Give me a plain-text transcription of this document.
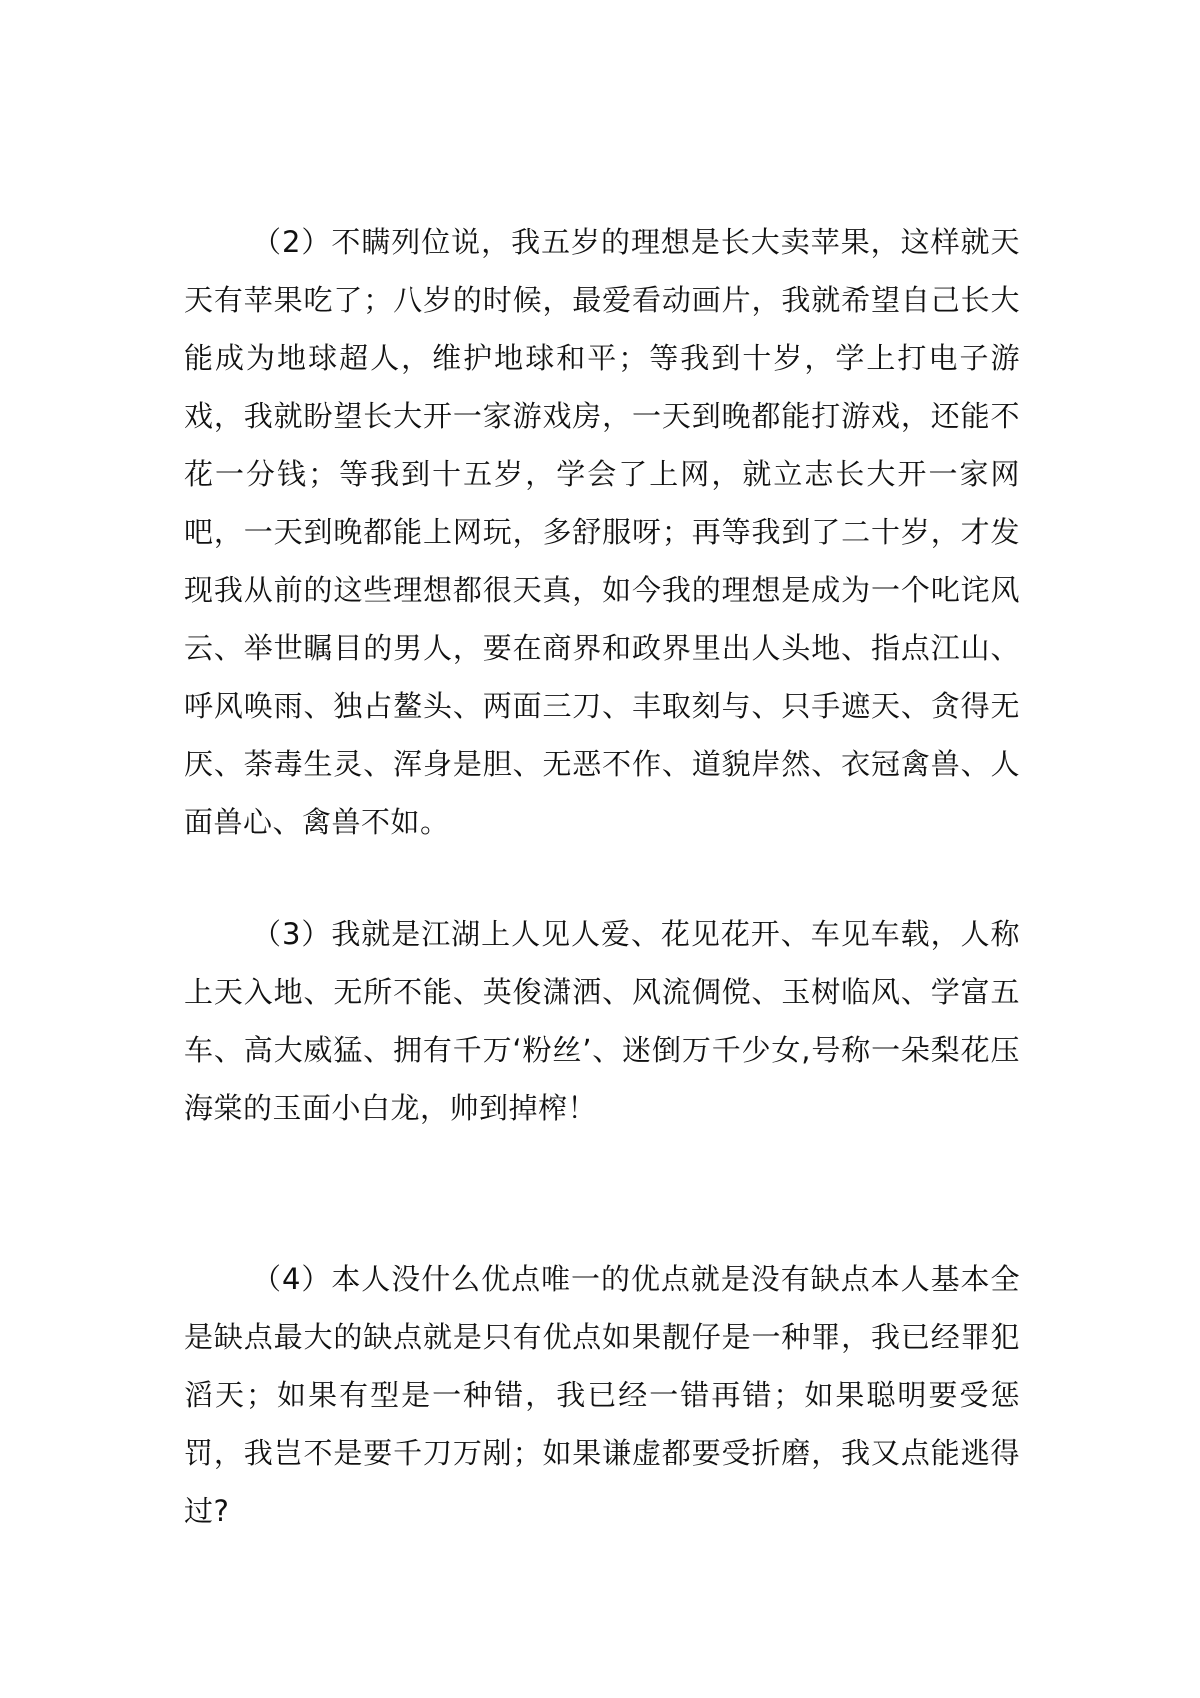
（2）不瞒列位说，我五岁的理想是长大卖苹果，这样就天天有苹果吃了；八岁的时候，最爱看动画片，我就希望自己长大能成为地球超人，维护地球和平；等我到十岁，学上打电子游戏，我就盼望长大开一家游戏房，一天到晚都能打游戏，还能不花一分钱；等我到十五岁，学会了上网，就立志长大开一家网吧，一天到晚都能上网玩，多舒服呀；再等我到了二十岁，才发现我从前的这些理想都很天真，如今我的理想是成为一个叱诧风云、举世瞩目的男人，要在商界和政界里出人头地、指点江山、呼风唤雨、独占鳌头、两面三刀、丰取刻与、只手遮天、贪得无厌、荼毒生灵、浑身是胆、无恶不作、道貌岸然、衣冠禽兽、人面兽心、禽兽不如。

（3）我就是江湖上人见人爱、花见花开、车见车载，人称上天入地、无所不能、英俊潇洒、风流倜傥、玉树临风、学富五车、高大威猛、拥有千万‘粉丝’、迷倒万千少女,号称一朵梨花压海棠的玉面小白龙，帅到掉榨！

（4）本人没什么优点唯一的优点就是没有缺点本人基本全是缺点最大的缺点就是只有优点如果靓仔是一种罪，我已经罪犯滔天；如果有型是一种错，我已经一错再错；如果聪明要受惩罚，我岂不是要千刀万剐；如果谦虚都要受折磨，我又点能逃得过?
